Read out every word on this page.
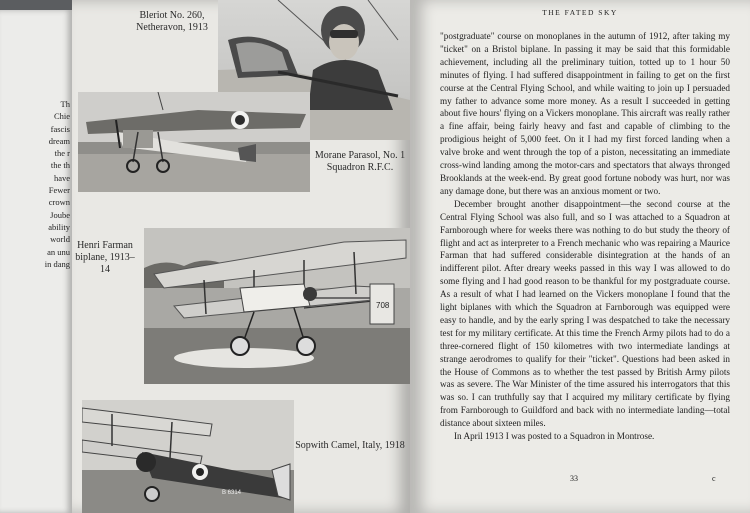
Th
Chie
fascis
dream
the r
the th
have
Fewer
crown
Joube
ability
world
an unu
in dang
Bleriot No. 260, Netheravon, 1913
Morane Parasol, No. 1 Squadron R.F.C.
Henri Farman biplane, 1913–14
708
B 6314
Sopwith Camel, Italy, 1918
THE FATED SKY

"postgraduate" course on monoplanes in the autumn of 1912, after taking my "ticket" on a Bristol biplane. In passing it may be said that this formidable achievement, including all the preliminary tuition, totted up to 1 hour 50 minutes of flying. I had suffered disappointment in failing to get on the first course at the Central Flying School, and while waiting to join up I persuaded my father to advance some more money. As a result I succeeded in getting about five hours' flying on a Vickers monoplane. This aircraft was really rather a fine affair, being fairly heavy and fast and capable of climbing to the prodigious height of 5,000 feet. On it I had my first forced landing when a valve broke and went through the top of a piston, necessitating an immediate cross-wind landing among the motor-cars and spectators that always thronged Brooklands at the week-end. By great good fortune nobody was hurt, nor was any damage done, but there was an anxious moment or two.

December brought another disappointment—the second course at the Central Flying School was also full, and so I was attached to a Squadron at Farnborough where for weeks there was nothing to do but study the theory of flight and act as interpreter to a French mechanic who was repairing a Maurice Farman that had suffered considerable disintegration at the hands of an indifferent pilot. After dreary weeks passed in this way I was allowed to do some flying and I had good reason to be thankful for my postgraduate course. As a result of what I had learned on the Vickers monoplane I found that the light biplanes with which the Squadron at Farnborough was equipped were easy to handle, and by the early spring I was despatched to take the necessary test for my military certificate. At this time the French Army pilots had to do a three-cornered flight of 150 kilometres with two intermediate landings at strange aerodromes to qualify for their "ticket". Questions had been asked in the House of Commons as to whether the test passed by British Army pilots was as severe. The War Minister of the time assured his interrogators that this was so. I can truthfully say that I acquired my military certificate by flying from Farnborough to Guildford and back with no intermediate landing—total distance about sixteen miles.

In April 1913 I was posted to a Squadron in Montrose.

33	c
